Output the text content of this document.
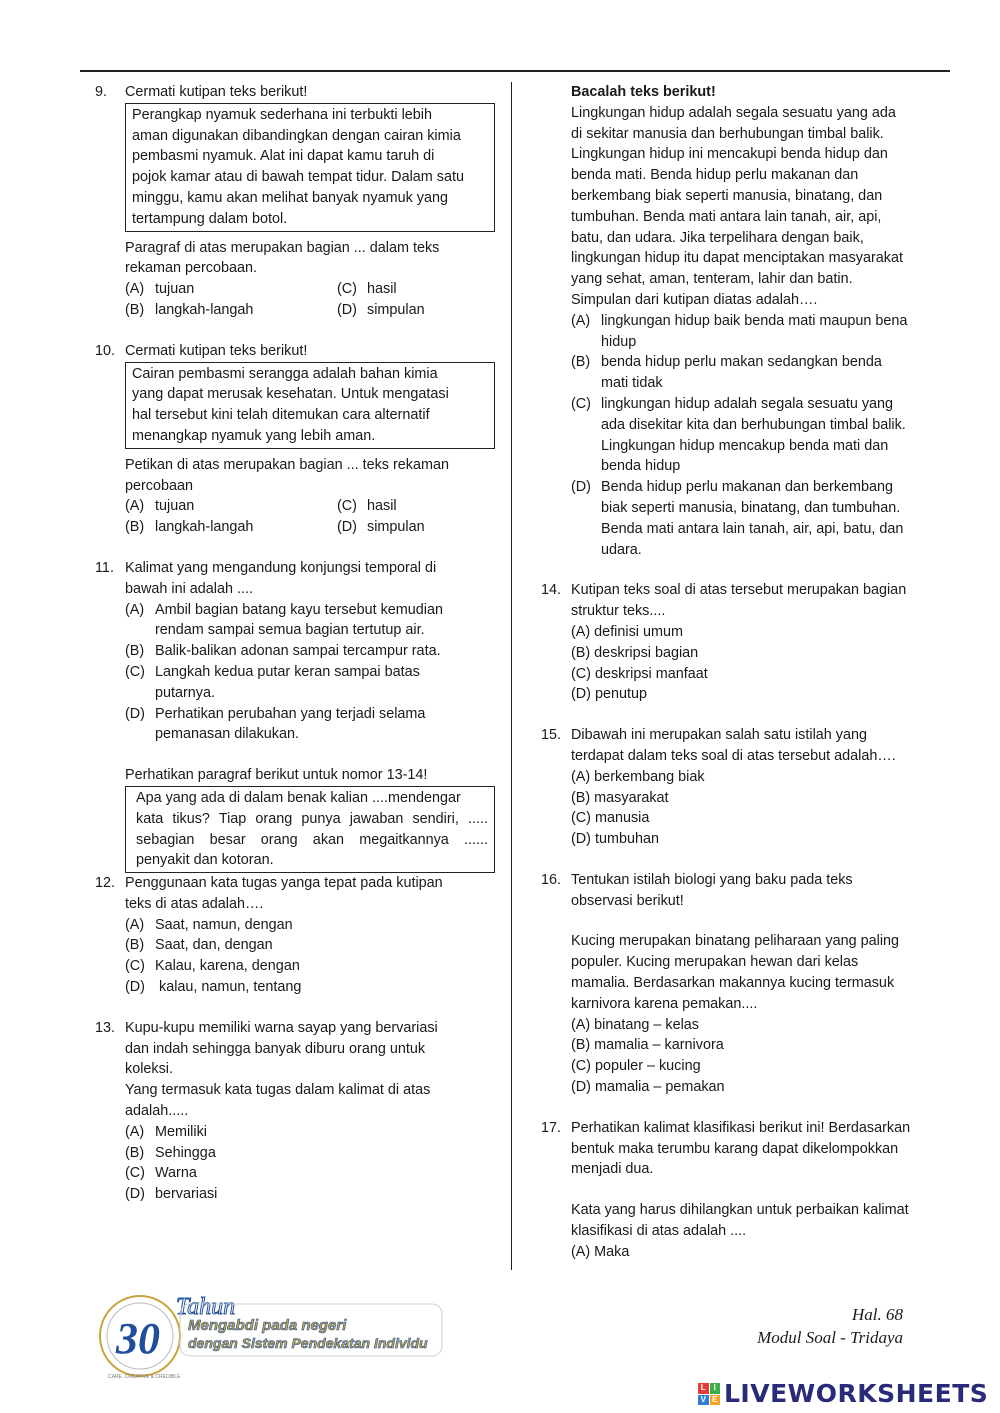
9. Cermati kutipan teks berikut!
Perangkap nyamuk sederhana ini terbukti lebih
aman digunakan dibandingkan dengan cairan kimia
pembasmi nyamuk. Alat ini dapat kamu taruh di
pojok kamar atau di bawah tempat tidur. Dalam satu
minggu, kamu akan melihat banyak nyamuk yang
tertampung dalam botol.
Paragraf di atas merupakan bagian ... dalam teks
rekaman percobaan.
(A) tujuan	(C) hasil
(B) langkah-langah	(D) simpulan
10. Cermati kutipan teks berikut!
Cairan pembasmi serangga adalah bahan kimia
yang dapat merusak kesehatan. Untuk mengatasi
hal tersebut kini telah ditemukan cara alternatif
menangkap nyamuk yang lebih aman.
Petikan di atas merupakan bagian ... teks rekaman
percobaan
(A) tujuan	(C) hasil
(B) langkah-langah	(D) simpulan
11. Kalimat yang mengandung konjungsi temporal di
bawah ini adalah ....
(A) Ambil bagian batang kayu tersebut kemudian
rendam sampai semua bagian tertutup air.
(B) Balik-balikan adonan sampai tercampur rata.
(C) Langkah kedua putar keran sampai batas
putarnya.
(D) Perhatikan perubahan yang terjadi selama
pemanasan dilakukan.
Perhatikan paragraf berikut untuk nomor 13-14!
Apa yang ada di dalam benak kalian ....mendengar
kata tikus? Tiap orang punya jawaban sendiri, .....
sebagian besar orang akan megaitkannya ......
penyakit dan kotoran.
12. Penggunaan kata tugas yanga tepat pada kutipan
teks di atas adalah….
(A) Saat, namun, dengan
(B) Saat, dan, dengan
(C) Kalau, karena, dengan
(D) kalau, namun, tentang
13. Kupu-kupu memiliki warna sayap yang bervariasi
dan indah sehingga banyak diburu orang untuk
koleksi.
Yang termasuk kata tugas dalam kalimat di atas
adalah.....
(A) Memiliki
(B) Sehingga
(C) Warna
(D) bervariasi
Bacalah teks berikut!
Lingkungan hidup adalah segala sesuatu yang ada
di sekitar manusia dan berhubungan timbal balik.
Lingkungan hidup ini mencakupi benda hidup dan
benda mati. Benda hidup perlu makanan dan
berkembang biak seperti manusia, binatang, dan
tumbuhan. Benda mati antara lain tanah, air, api,
batu, dan udara. Jika terpelihara dengan baik,
lingkungan hidup itu dapat menciptakan masyarakat
yang sehat, aman, tenteram, lahir dan batin.
Simpulan dari kutipan diatas adalah….
(A) lingkungan hidup baik benda mati maupun bena
hidup
(B) benda hidup perlu makan sedangkan benda
mati tidak
(C) lingkungan hidup adalah segala sesuatu yang
ada disekitar kita dan berhubungan timbal balik.
Lingkungan hidup mencakup benda mati dan
benda hidup
(D) Benda hidup perlu makanan dan berkembang
biak seperti manusia, binatang, dan tumbuhan.
Benda mati antara lain tanah, air, api, batu, dan
udara.
14. Kutipan teks soal di atas tersebut merupakan bagian
struktur teks....
(A) definisi umum
(B) deskripsi bagian
(C) deskripsi manfaat
(D) penutup
15. Dibawah ini merupakan salah satu istilah yang
terdapat dalam teks soal di atas tersebut adalah….
(A) berkembang biak
(B) masyarakat
(C) manusia
(D) tumbuhan
16. Tentukan istilah biologi yang baku pada teks
observasi berikut!
Kucing merupakan binatang peliharaan yang paling
populer. Kucing merupakan hewan dari kelas
mamalia. Berdasarkan makannya kucing termasuk
karnivora karena pemakan....
(A) binatang – kelas
(B) mamalia – karnivora
(C) populer – kucing
(D) mamalia – pemakan
17. Perhatikan kalimat klasifikasi berikut ini! Berdasarkan
bentuk maka terumbu karang dapat dikelompokkan
menjadi dua.
Kata yang harus dihilangkan untuk perbaikan kalimat
klasifikasi di atas adalah ....
(A) Maka
30
Tahun
Mengabdi pada negeri
dengan Sistem Pendekatan Individu
CARE, CREATIVE & CREDIBLE
Hal. 68
Modul Soal - Tridaya
L I
V E LIVEWORKSHEETS
